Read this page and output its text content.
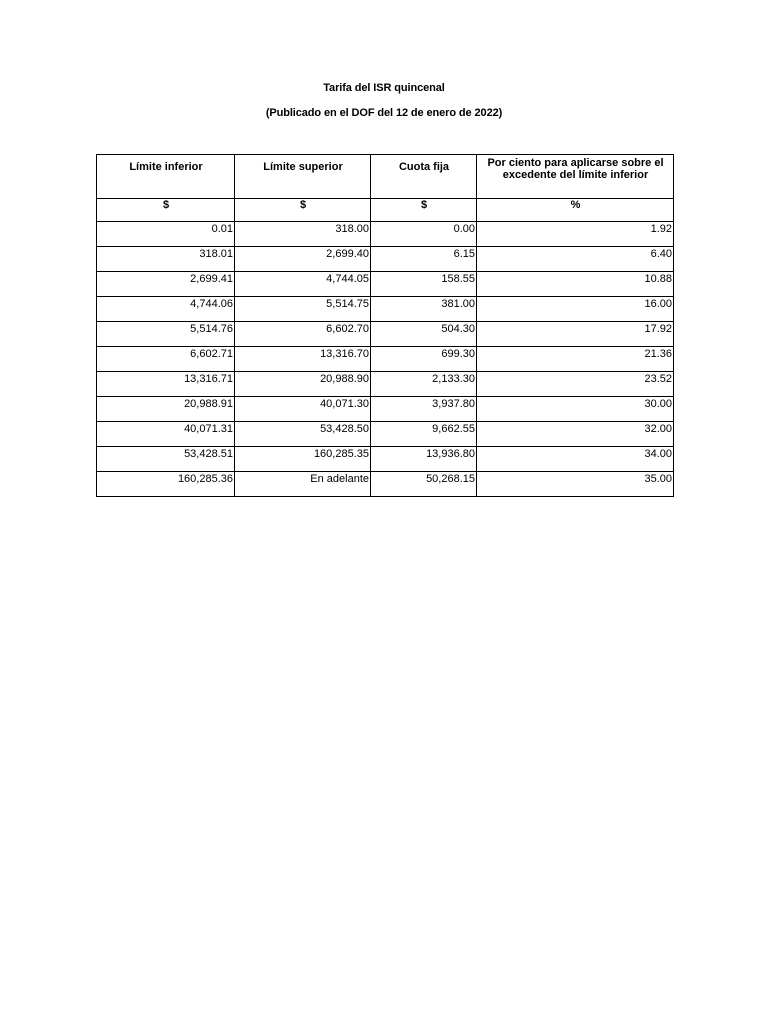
Tarifa del ISR quincenal
(Publicado en el DOF del 12 de enero de 2022)
Límite inferior	Límite superior	Cuota fija	Por ciento para aplicarse sobre el excedente del límite inferior
$	$	$	%
0.01	318.00	0.00	1.92
318.01	2,699.40	6.15	6.40
2,699.41	4,744.05	158.55	10.88
4,744.06	5,514.75	381.00	16.00
5,514.76	6,602.70	504.30	17.92
6,602.71	13,316.70	699.30	21.36
13,316.71	20,988.90	2,133.30	23.52
20,988.91	40,071.30	3,937.80	30.00
40,071.31	53,428.50	9,662.55	32.00
53,428.51	160,285.35	13,936.80	34.00
160,285.36	En adelante	50,268.15	35.00
